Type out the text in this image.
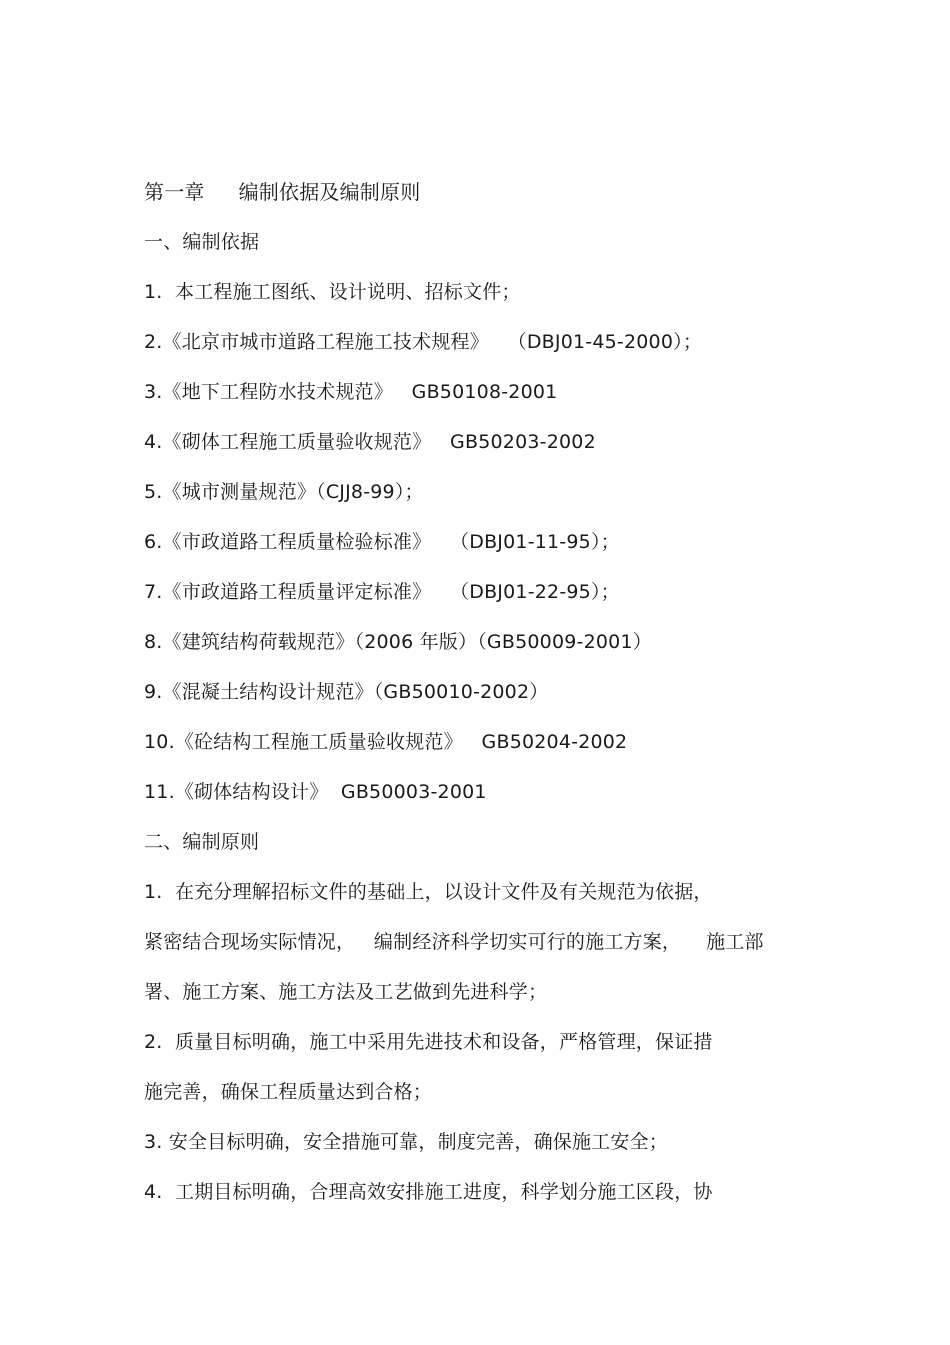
第一章 编制依据及编制原则
一、编制依据
1.  本工程施工图纸、设计说明、招标文件；
2.《北京市城市道路工程施工技术规程》   （DBJ01-45-2000）；
3.《地下工程防水技术规范》   GB50108-2001
4.《砌体工程施工质量验收规范》   GB50203-2002
5.《城市测量规范》（CJJ8-99）；
6.《市政道路工程质量检验标准》   （DBJ01-11-95）；
7.《市政道路工程质量评定标准》   （DBJ01-22-95）；
8.《建筑结构荷载规范》（2006 年版）（GB50009-2001）
9.《混凝土结构设计规范》（GB50010-2002）
10.《砼结构工程施工质量验收规范》   GB50204-2002
11.《砌体结构设计》  GB50003-2001
二、编制原则
1.  在充分理解招标文件的基础上，以设计文件及有关规范为依据，
紧密结合现场实际情况，   编制经济科学切实可行的施工方案，    施工部
署、施工方案、施工方法及工艺做到先进科学；
2.  质量目标明确，施工中采用先进技术和设备，严格管理，保证措
施完善，确保工程质量达到合格；
3. 安全目标明确，安全措施可靠，制度完善，确保施工安全；
4.  工期目标明确，合理高效安排施工进度，科学划分施工区段，协
